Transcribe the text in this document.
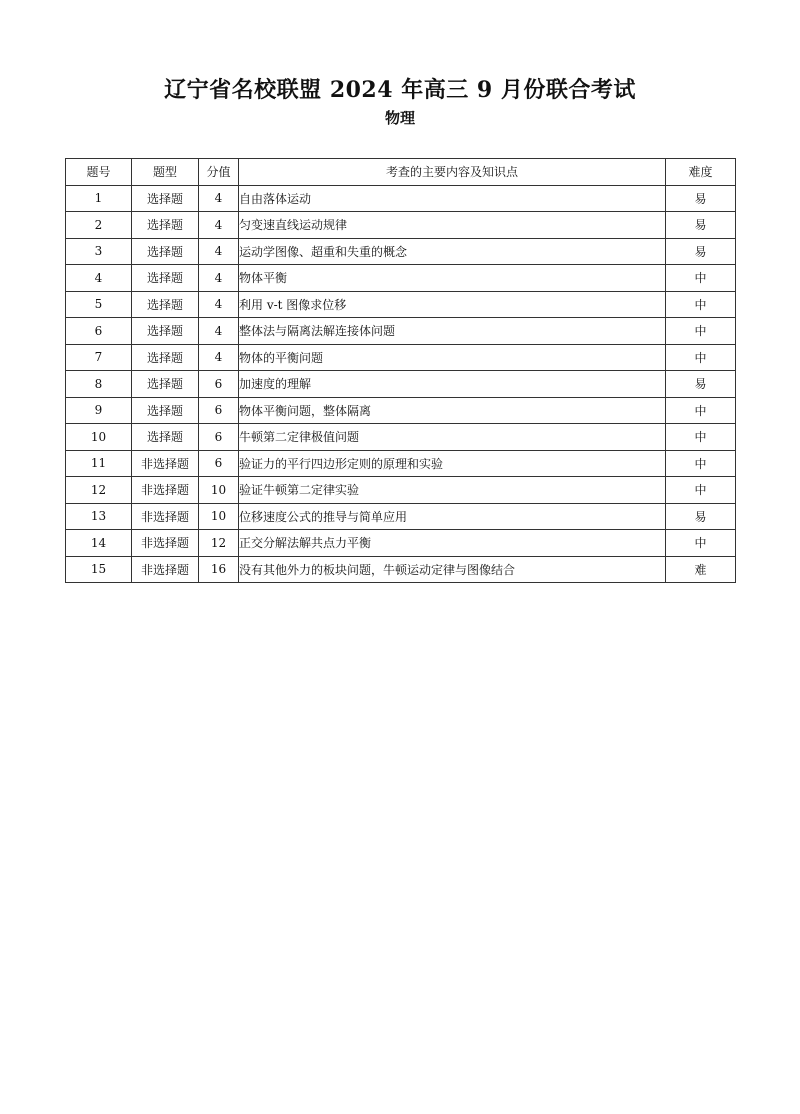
辽宁省名校联盟 2024 年高三 9 月份联合考试
物理
题号	题型	分值	考查的主要内容及知识点	难度
1	选择题	4	自由落体运动	易
2	选择题	4	匀变速直线运动规律	易
3	选择题	4	运动学图像、超重和失重的概念	易
4	选择题	4	物体平衡	中
5	选择题	4	利用 v-t 图像求位移	中
6	选择题	4	整体法与隔离法解连接体问题	中
7	选择题	4	物体的平衡问题	中
8	选择题	6	加速度的理解	易
9	选择题	6	物体平衡问题，整体隔离	中
10	选择题	6	牛顿第二定律极值问题	中
11	非选择题	6	验证力的平行四边形定则的原理和实验	中
12	非选择题	10	验证牛顿第二定律实验	中
13	非选择题	10	位移速度公式的推导与简单应用	易
14	非选择题	12	正交分解法解共点力平衡	中
15	非选择题	16	没有其他外力的板块问题，牛顿运动定律与图像结合	难
